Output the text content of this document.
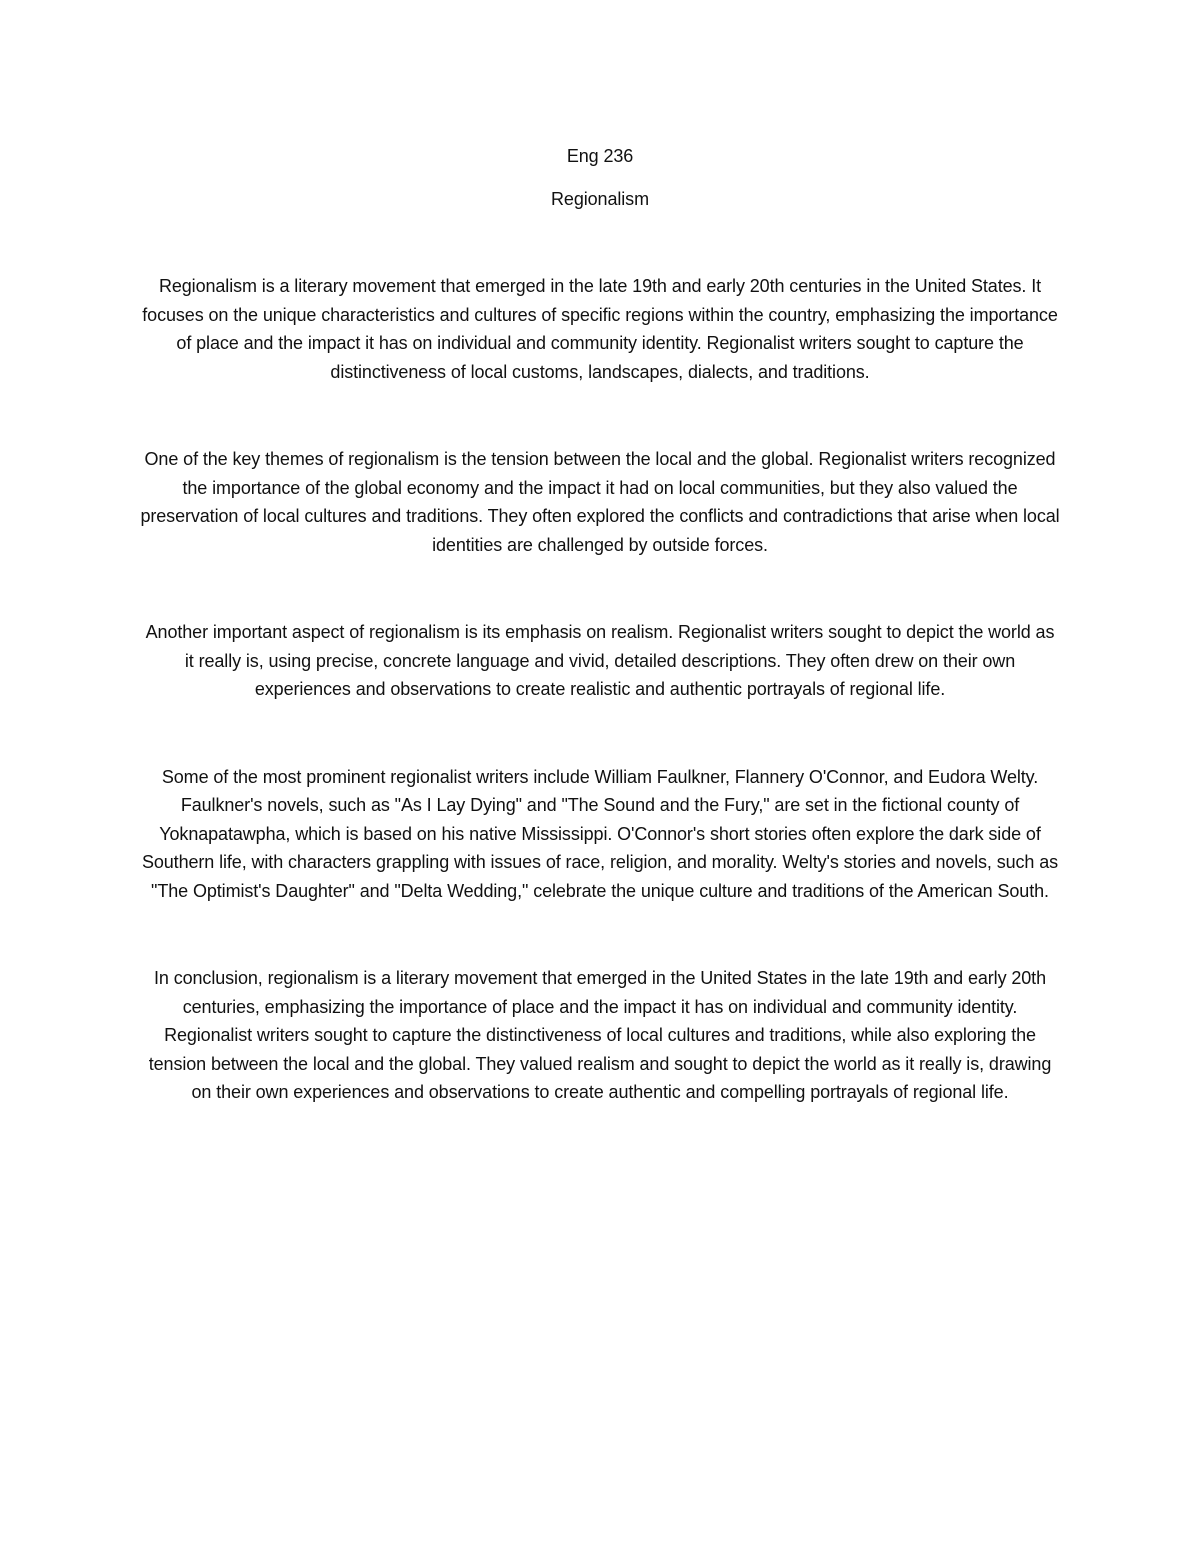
Eng 236

Regionalism

Regionalism is a literary movement that emerged in the late 19th and early 20th centuries in the United States. It focuses on the unique characteristics and cultures of specific regions within the country, emphasizing the importance of place and the impact it has on individual and community identity. Regionalist writers sought to capture the distinctiveness of local customs, landscapes, dialects, and traditions.

One of the key themes of regionalism is the tension between the local and the global. Regionalist writers recognized the importance of the global economy and the impact it had on local communities, but they also valued the preservation of local cultures and traditions. They often explored the conflicts and contradictions that arise when local identities are challenged by outside forces.

Another important aspect of regionalism is its emphasis on realism. Regionalist writers sought to depict the world as it really is, using precise, concrete language and vivid, detailed descriptions. They often drew on their own experiences and observations to create realistic and authentic portrayals of regional life.

Some of the most prominent regionalist writers include William Faulkner, Flannery O'Connor, and Eudora Welty. Faulkner's novels, such as "As I Lay Dying" and "The Sound and the Fury," are set in the fictional county of Yoknapatawpha, which is based on his native Mississippi. O'Connor's short stories often explore the dark side of Southern life, with characters grappling with issues of race, religion, and morality. Welty's stories and novels, such as "The Optimist's Daughter" and "Delta Wedding," celebrate the unique culture and traditions of the American South.

In conclusion, regionalism is a literary movement that emerged in the United States in the late 19th and early 20th centuries, emphasizing the importance of place and the impact it has on individual and community identity. Regionalist writers sought to capture the distinctiveness of local cultures and traditions, while also exploring the tension between the local and the global. They valued realism and sought to depict the world as it really is, drawing on their own experiences and observations to create authentic and compelling portrayals of regional life.
